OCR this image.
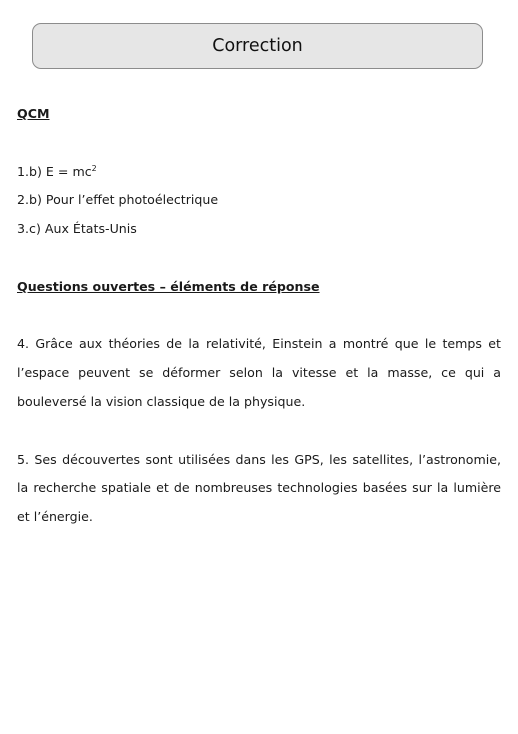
Correction

QCM

1.b) $E = mc^2$

2.b) Pour l’effet photoélectrique

3.c) Aux États-Unis

Questions ouvertes – éléments de réponse

4. Grâce aux théories de la relativité, Einstein a montré que le temps et l’espace peuvent se déformer selon la vitesse et la masse, ce qui a bouleversé la vision classique de la physique.

5. Ses découvertes sont utilisées dans les GPS, les satellites, l’astronomie, la recherche spatiale et de nombreuses technologies basées sur la lumière et l’énergie.
